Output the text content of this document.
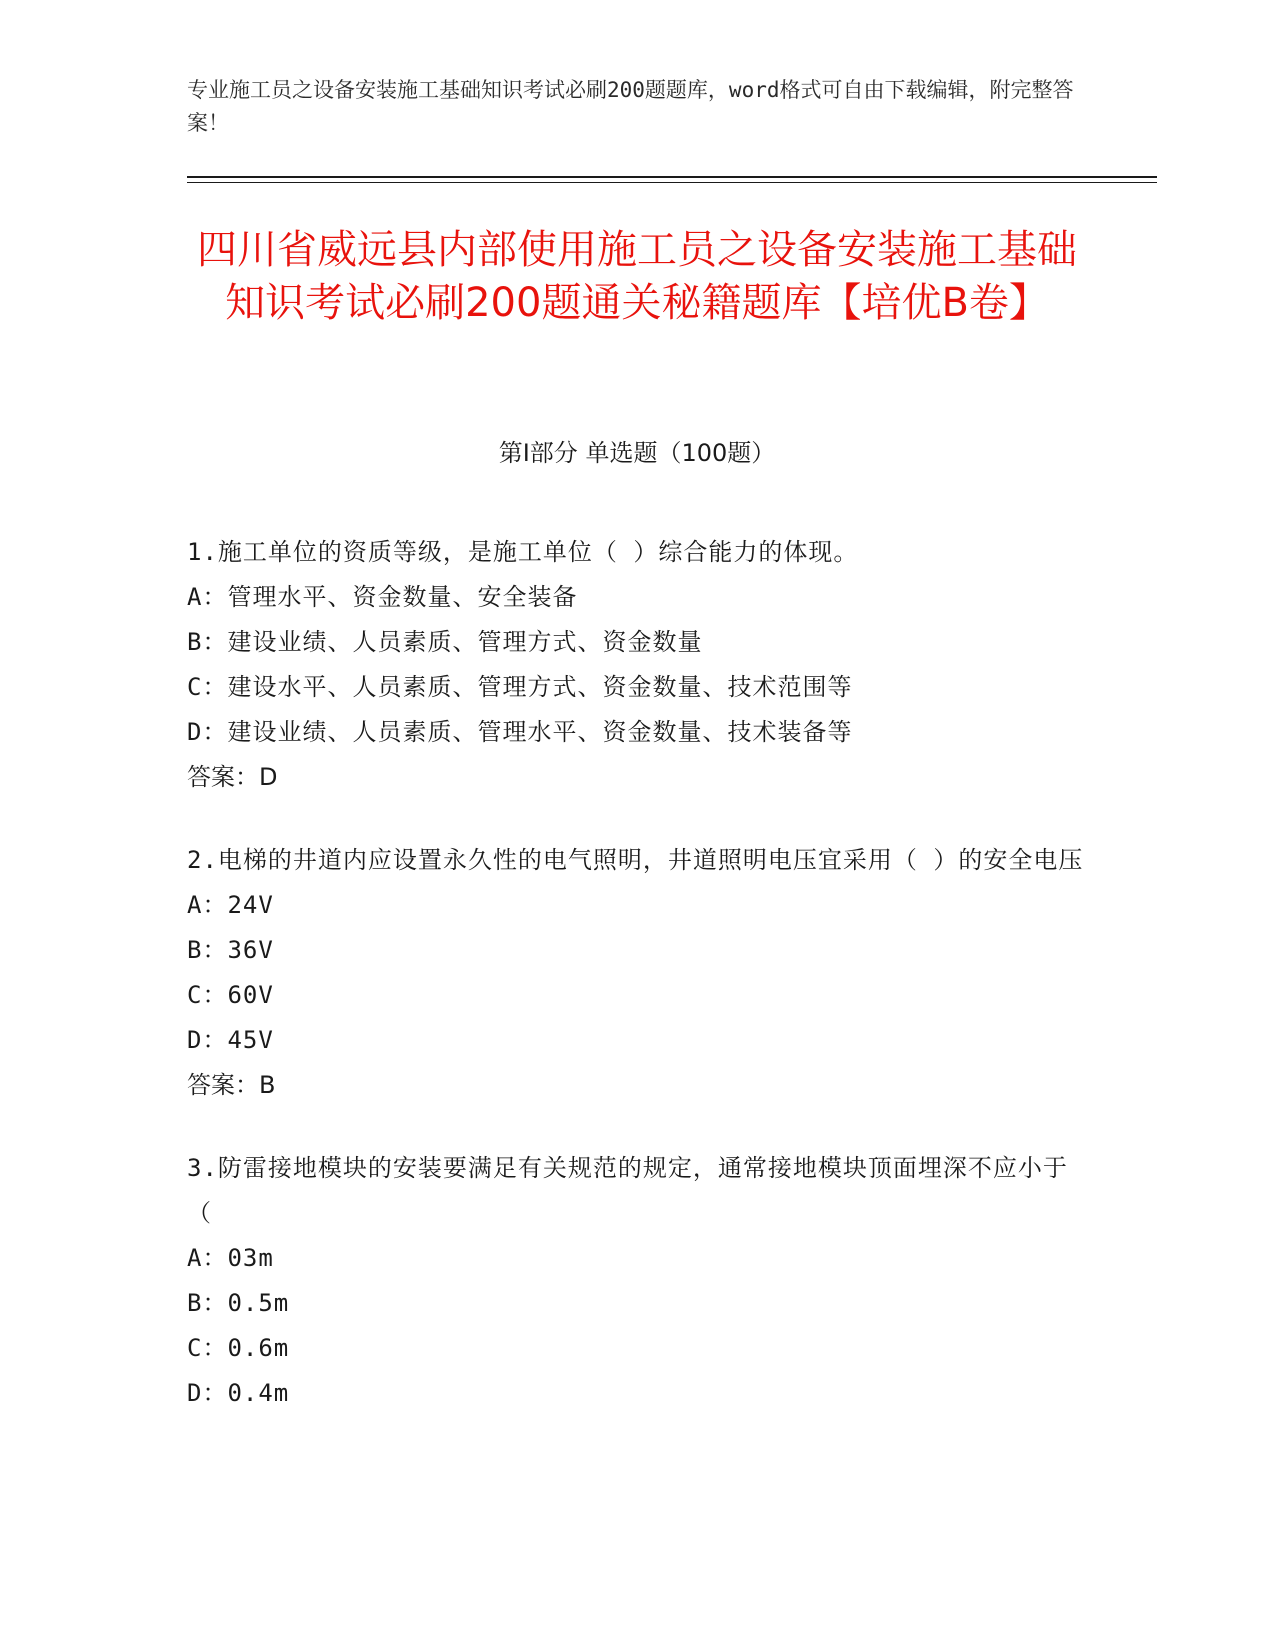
专业施工员之设备安装施工基础知识考试必刷200题题库，word格式可自由下载编辑，附完整答案！
四川省威远县内部使用施工员之设备安装施工基础知识考试必刷200题通关秘籍题库【培优B卷】
第Ⅰ部分 单选题（100题）
1.施工单位的资质等级，是施工单位（ ）综合能力的体现。
A：管理水平、资金数量、安全装备
B：建设业绩、人员素质、管理方式、资金数量
C：建设水平、人员素质、管理方式、资金数量、技术范围等
D：建设业绩、人员素质、管理水平、资金数量、技术装备等
答案：D
2.电梯的井道内应设置永久性的电气照明，井道照明电压宜采用（ ）的安全电压
A：24V
B：36V
C：60V
D：45V
答案：B
3.防雷接地模块的安装要满足有关规范的规定，通常接地模块顶面埋深不应小于（
A：03m
B：0.5m
C：0.6m
D：0.4m
